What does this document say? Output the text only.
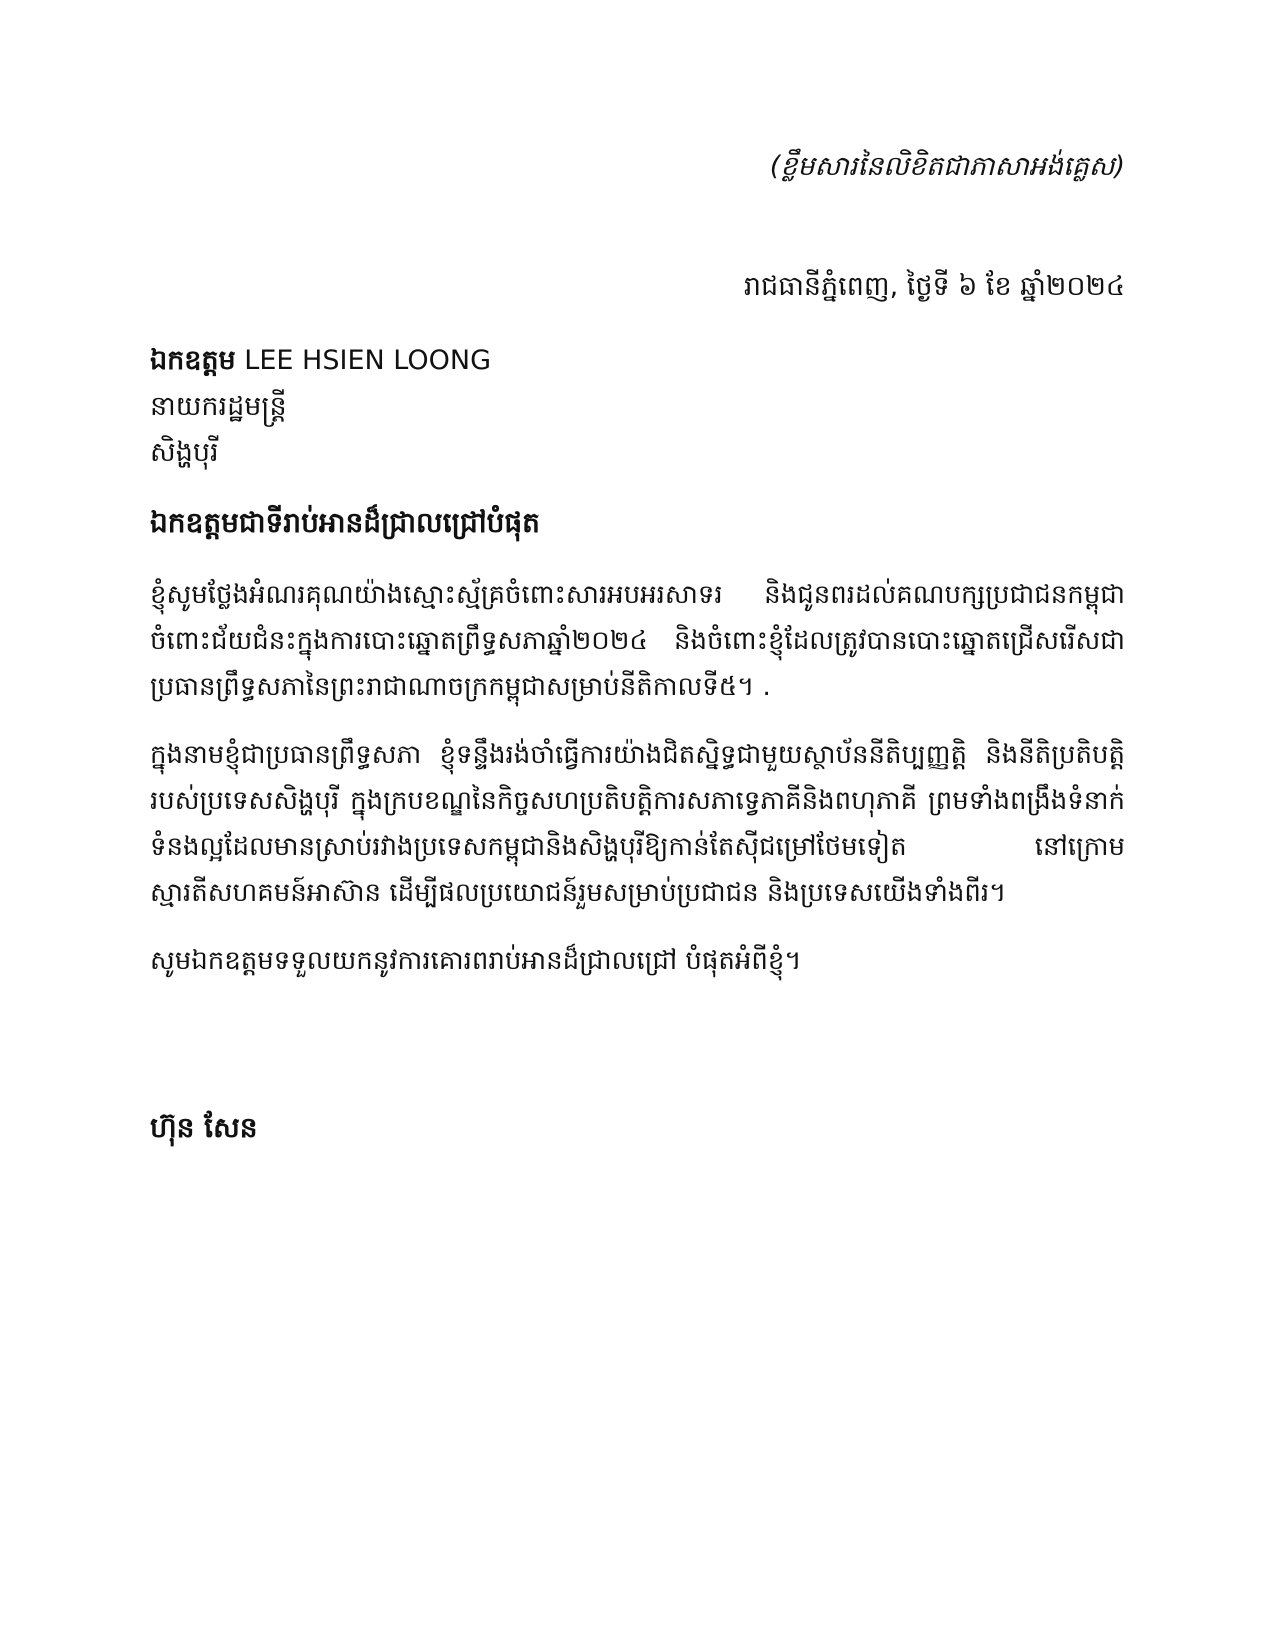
(ខ្លឹមសារនៃលិខិតជាភាសាអង់គ្លេស)
រាជធានីភ្នំពេញ, ថ្ងៃទី ៦ ខែ ឆ្នាំ២០២៤
ឯកឧត្តម LEE HSIEN LOONG
នាយករដ្ឋមន្ត្រី
សិង្ហបុរី
ឯកឧត្តមជាទីរាប់អានដ៏ជ្រាលជ្រៅបំផុត

ខ្ញុំសូមថ្លែងអំណរគុណយ៉ាងស្មោះស្ម័គ្រចំពោះសារអបអរសាទរ និងជូនពរដល់គណបក្សប្រជាជនកម្ពុជា ចំពោះជ័យជំនះក្នុងការបោះឆ្នោតព្រឹទ្ធសភាឆ្នាំ២០២៤ និងចំពោះខ្ញុំដែលត្រូវបានបោះឆ្នោតជ្រើសរើសជាប្រធានព្រឹទ្ធសភានៃព្រះរាជាណាចក្រកម្ពុជាសម្រាប់នីតិកាលទី៥។ .

ក្នុងនាមខ្ញុំជាប្រធានព្រឹទ្ធសភា ខ្ញុំទន្ទឹងរង់ចាំធ្វើការយ៉ាងជិតស្និទ្ធជាមួយស្ថាប័ននីតិប្បញ្ញត្តិ និងនីតិប្រតិបត្តិរបស់ប្រទេសសិង្ហបុរី ក្នុងក្របខណ្ឌនៃកិច្ចសហប្រតិបត្តិការសភាទ្វេភាគីនិងពហុភាគី ព្រមទាំងពង្រឹងទំនាក់ទំនងល្អដែលមានស្រាប់រវាងប្រទេសកម្ពុជានិងសិង្ហបុរីឱ្យកាន់តែស៊ីជម្រៅថែមទៀត នៅក្រោមស្មារតីសហគមន៍អាស៊ាន ដើម្បីផលប្រយោជន៍រួមសម្រាប់ប្រជាជន និងប្រទេសយើងទាំងពីរ។

សូមឯកឧត្តមទទួលយកនូវការគោរពរាប់អានដ៏ជ្រាលជ្រៅ បំផុតអំពីខ្ញុំ។

ហ៊ុន សែន
